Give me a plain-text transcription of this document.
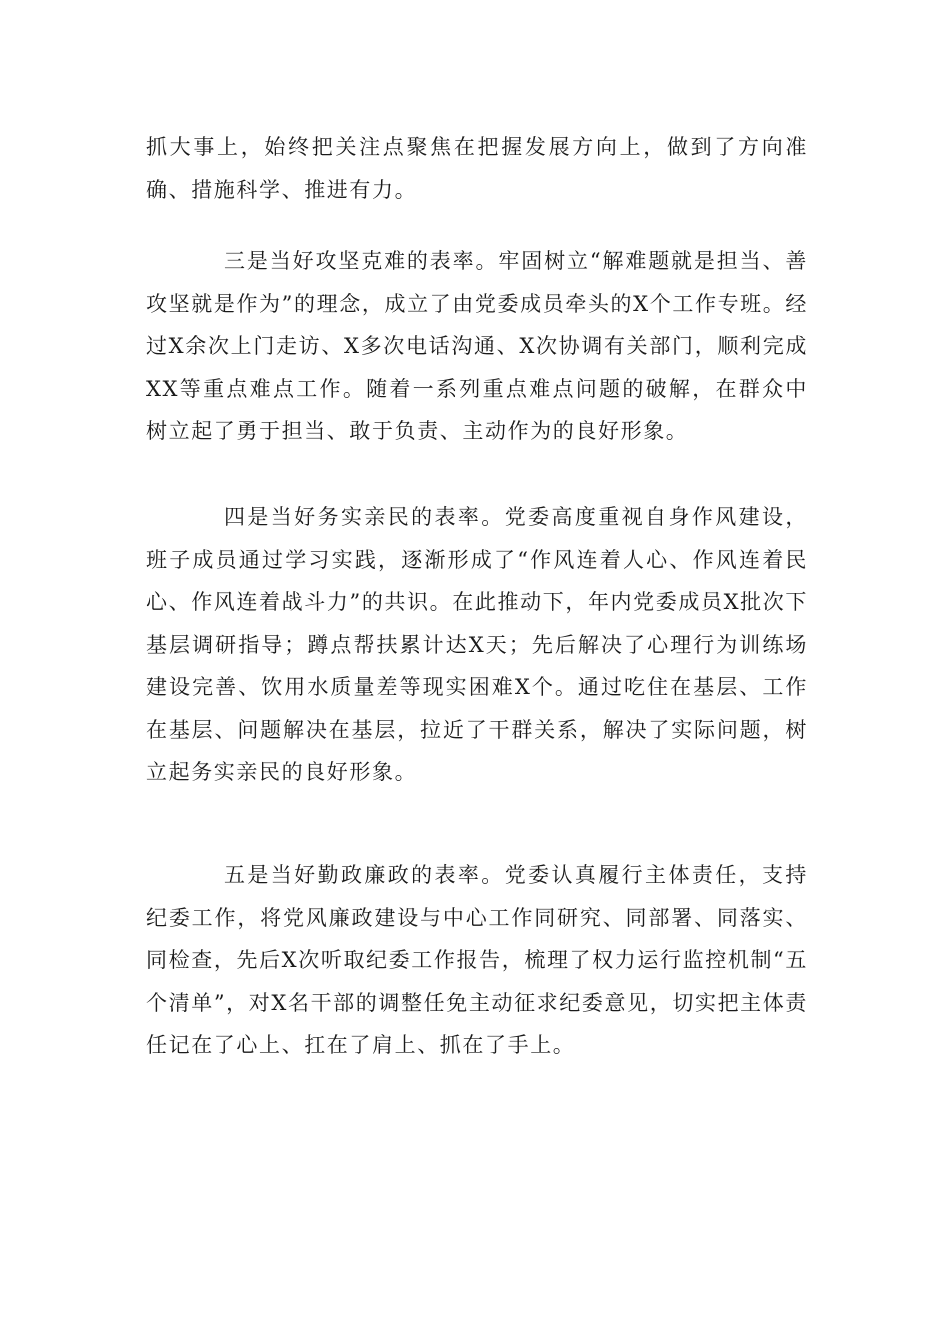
抓大事上，始终把关注点聚焦在把握发展方向上，做到了方向准确、措施科学、推进有力。

三是当好攻坚克难的表率。牢固树立“解难题就是担当、善攻坚就是作为”的理念，成立了由党委成员牵头的X个工作专班。经过X余次上门走访、X多次电话沟通、X次协调有关部门，顺利完成XX等重点难点工作。随着一系列重点难点问题的破解，在群众中树立起了勇于担当、敢于负责、主动作为的良好形象。

四是当好务实亲民的表率。党委高度重视自身作风建设，班子成员通过学习实践，逐渐形成了“作风连着人心、作风连着民心、作风连着战斗力”的共识。在此推动下，年内党委成员X批次下基层调研指导；蹲点帮扶累计达X天；先后解决了心理行为训练场建设完善、饮用水质量差等现实困难X个。通过吃住在基层、工作在基层、问题解决在基层，拉近了干群关系，解决了实际问题，树立起务实亲民的良好形象。

五是当好勤政廉政的表率。党委认真履行主体责任，支持纪委工作，将党风廉政建设与中心工作同研究、同部署、同落实、同检查，先后X次听取纪委工作报告，梳理了权力运行监控机制“五个清单”，对X名干部的调整任免主动征求纪委意见，切实把主体责任记在了心上、扛在了肩上、抓在了手上。
